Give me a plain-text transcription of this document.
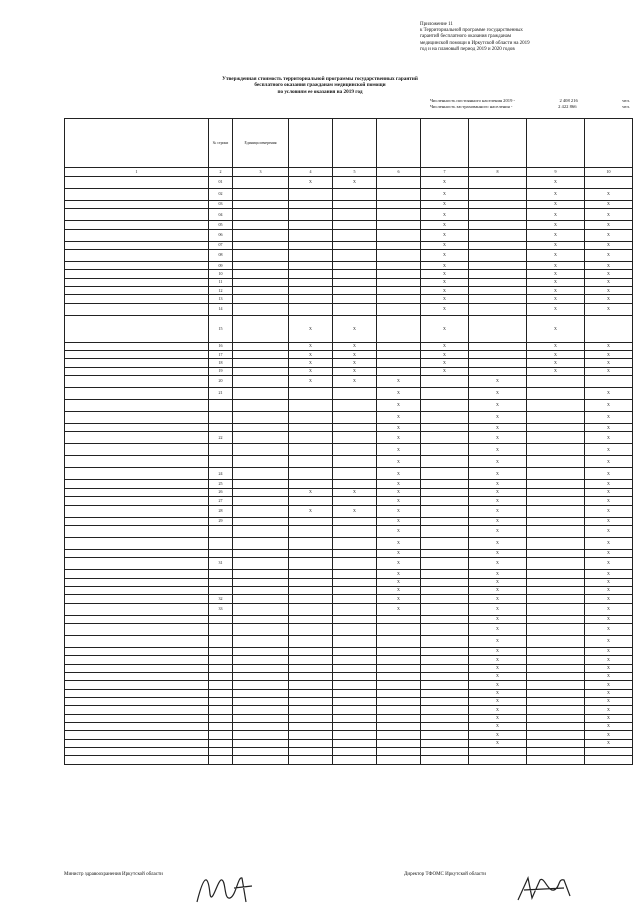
Приложение 11
к Территориальной программе государственных
гарантий бесплатного оказания гражданам
медицинской помощи в Иркутской области на 2019
год и на плановый период 2019 и 2020 годов
Утвержденная стоимость территориальной программы государственных гарантий
бесплатного оказания гражданам медицинской помощи
по условиям ее оказания на 2019 год
Численность постоянного населения 2019 -	2 408 216	чел.
Численность застрахованного населения -	2 422 866	чел.
	№ строки	Единица измерения							
1	2	3	4	5	6	7	8	9	10
	01		Х	Х		Х		Х	
	02					Х		Х	Х
	03					Х		Х	Х
	04					Х		Х	Х
	05					Х		Х	Х
	06					Х		Х	Х
	07					Х		Х	Х
	08					Х		Х	Х
	09					Х		Х	Х
	10					Х		Х	Х
	11					Х		Х	Х
	12					Х		Х	Х
	13					Х		Х	Х
	14					Х		Х	Х
	15		Х	Х		Х		Х	
	16		Х	Х		Х		Х	Х
	17		Х	Х		Х		Х	Х
	18		Х	Х		Х		Х	Х
	19		Х	Х		Х		Х	Х
	20		Х	Х	Х		Х		
	21				Х		Х		Х
					Х		Х		Х
					Х		Х		Х
					Х		Х		Х
	22				Х		Х		Х
					Х		Х		Х
					Х		Х		Х
	24				Х		Х		Х
	25				Х		Х		Х
	26		Х	Х	Х		Х		Х
	27				Х		Х		Х
	28		Х	Х	Х		Х		Х
	29				Х		Х		Х
					Х		Х		Х
					Х		Х		Х
					Х		Х		Х
	31				Х		Х		Х
					Х		Х		Х
					Х		Х		Х
					Х		Х		Х
	32				Х		Х		Х
	33				Х		Х		Х
							Х		Х
							Х		Х
							Х		Х
							Х		Х
							Х		Х
							Х		Х
							Х		Х
							Х		Х
							Х		Х
							Х		Х
							Х		Х
							Х		Х
							Х		Х
							Х		Х
							Х		Х

Министр здравоохранения Иркутской области	Директор ТФОМС Иркутской области
